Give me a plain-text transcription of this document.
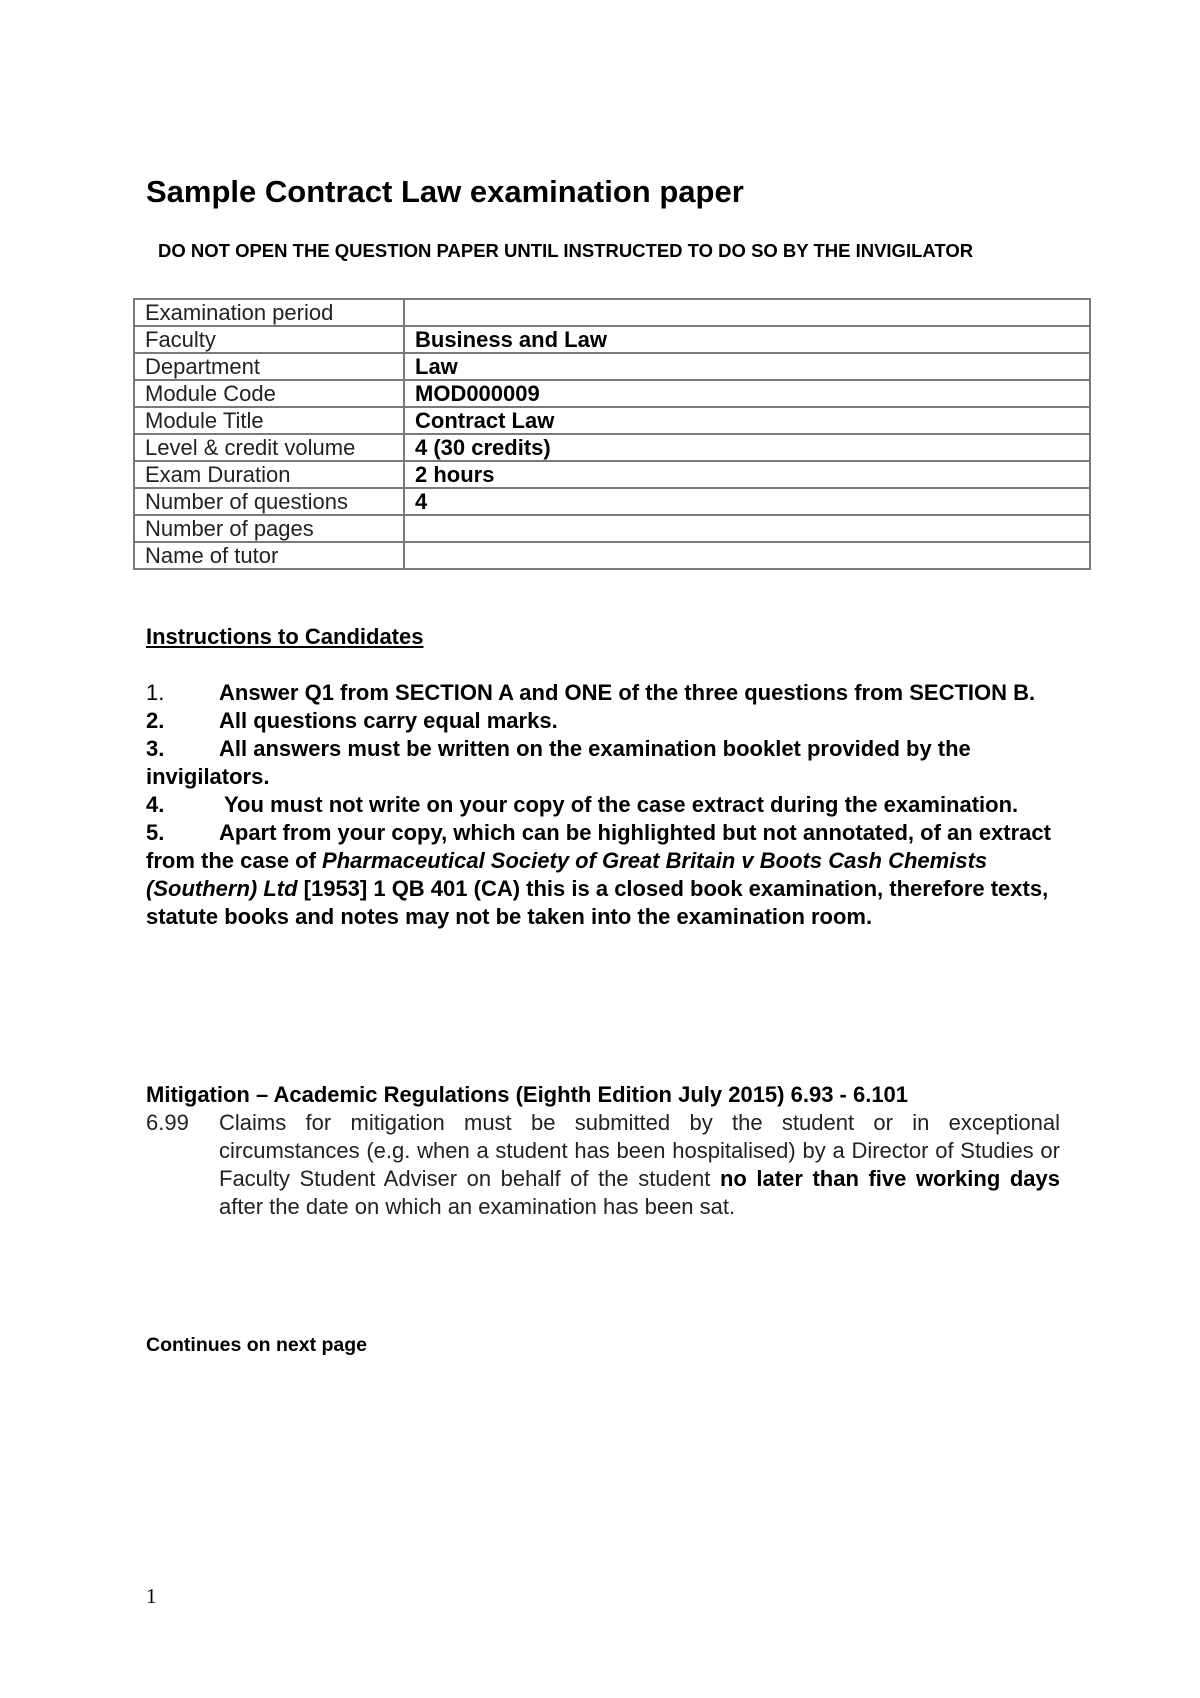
Sample Contract Law examination paper
DO NOT OPEN THE QUESTION PAPER UNTIL INSTRUCTED TO DO SO BY THE INVIGILATOR
Examination period	
Faculty	Business and Law
Department	Law
Module Code	MOD000009
Module Title	Contract Law
Level & credit volume	4 (30 credits)
Exam Duration	2 hours
Number of questions	4
Number of pages	
Name of tutor	
Instructions to Candidates
1.	Answer Q1 from SECTION A and ONE of the three questions from SECTION B.
2. All questions carry equal marks.
3. All answers must be written on the examination booklet provided by the invigilators.
4.	You must not write on your copy of the case extract during the examination.
5. Apart from your copy, which can be highlighted but not annotated, of an extract from the case of Pharmaceutical Society of Great Britain v Boots Cash Chemists (Southern) Ltd [1953] 1 QB 401 (CA) this is a closed book examination, therefore texts, statute books and notes may not be taken into the examination room.
Mitigation – Academic Regulations (Eighth Edition July 2015) 6.93 - 6.101
6.99 Claims for mitigation must be submitted by the student or in exceptional circumstances (e.g. when a student has been hospitalised) by a Director of Studies or Faculty Student Adviser on behalf of the student no later than five working days after the date on which an examination has been sat.
Continues on next page
1
